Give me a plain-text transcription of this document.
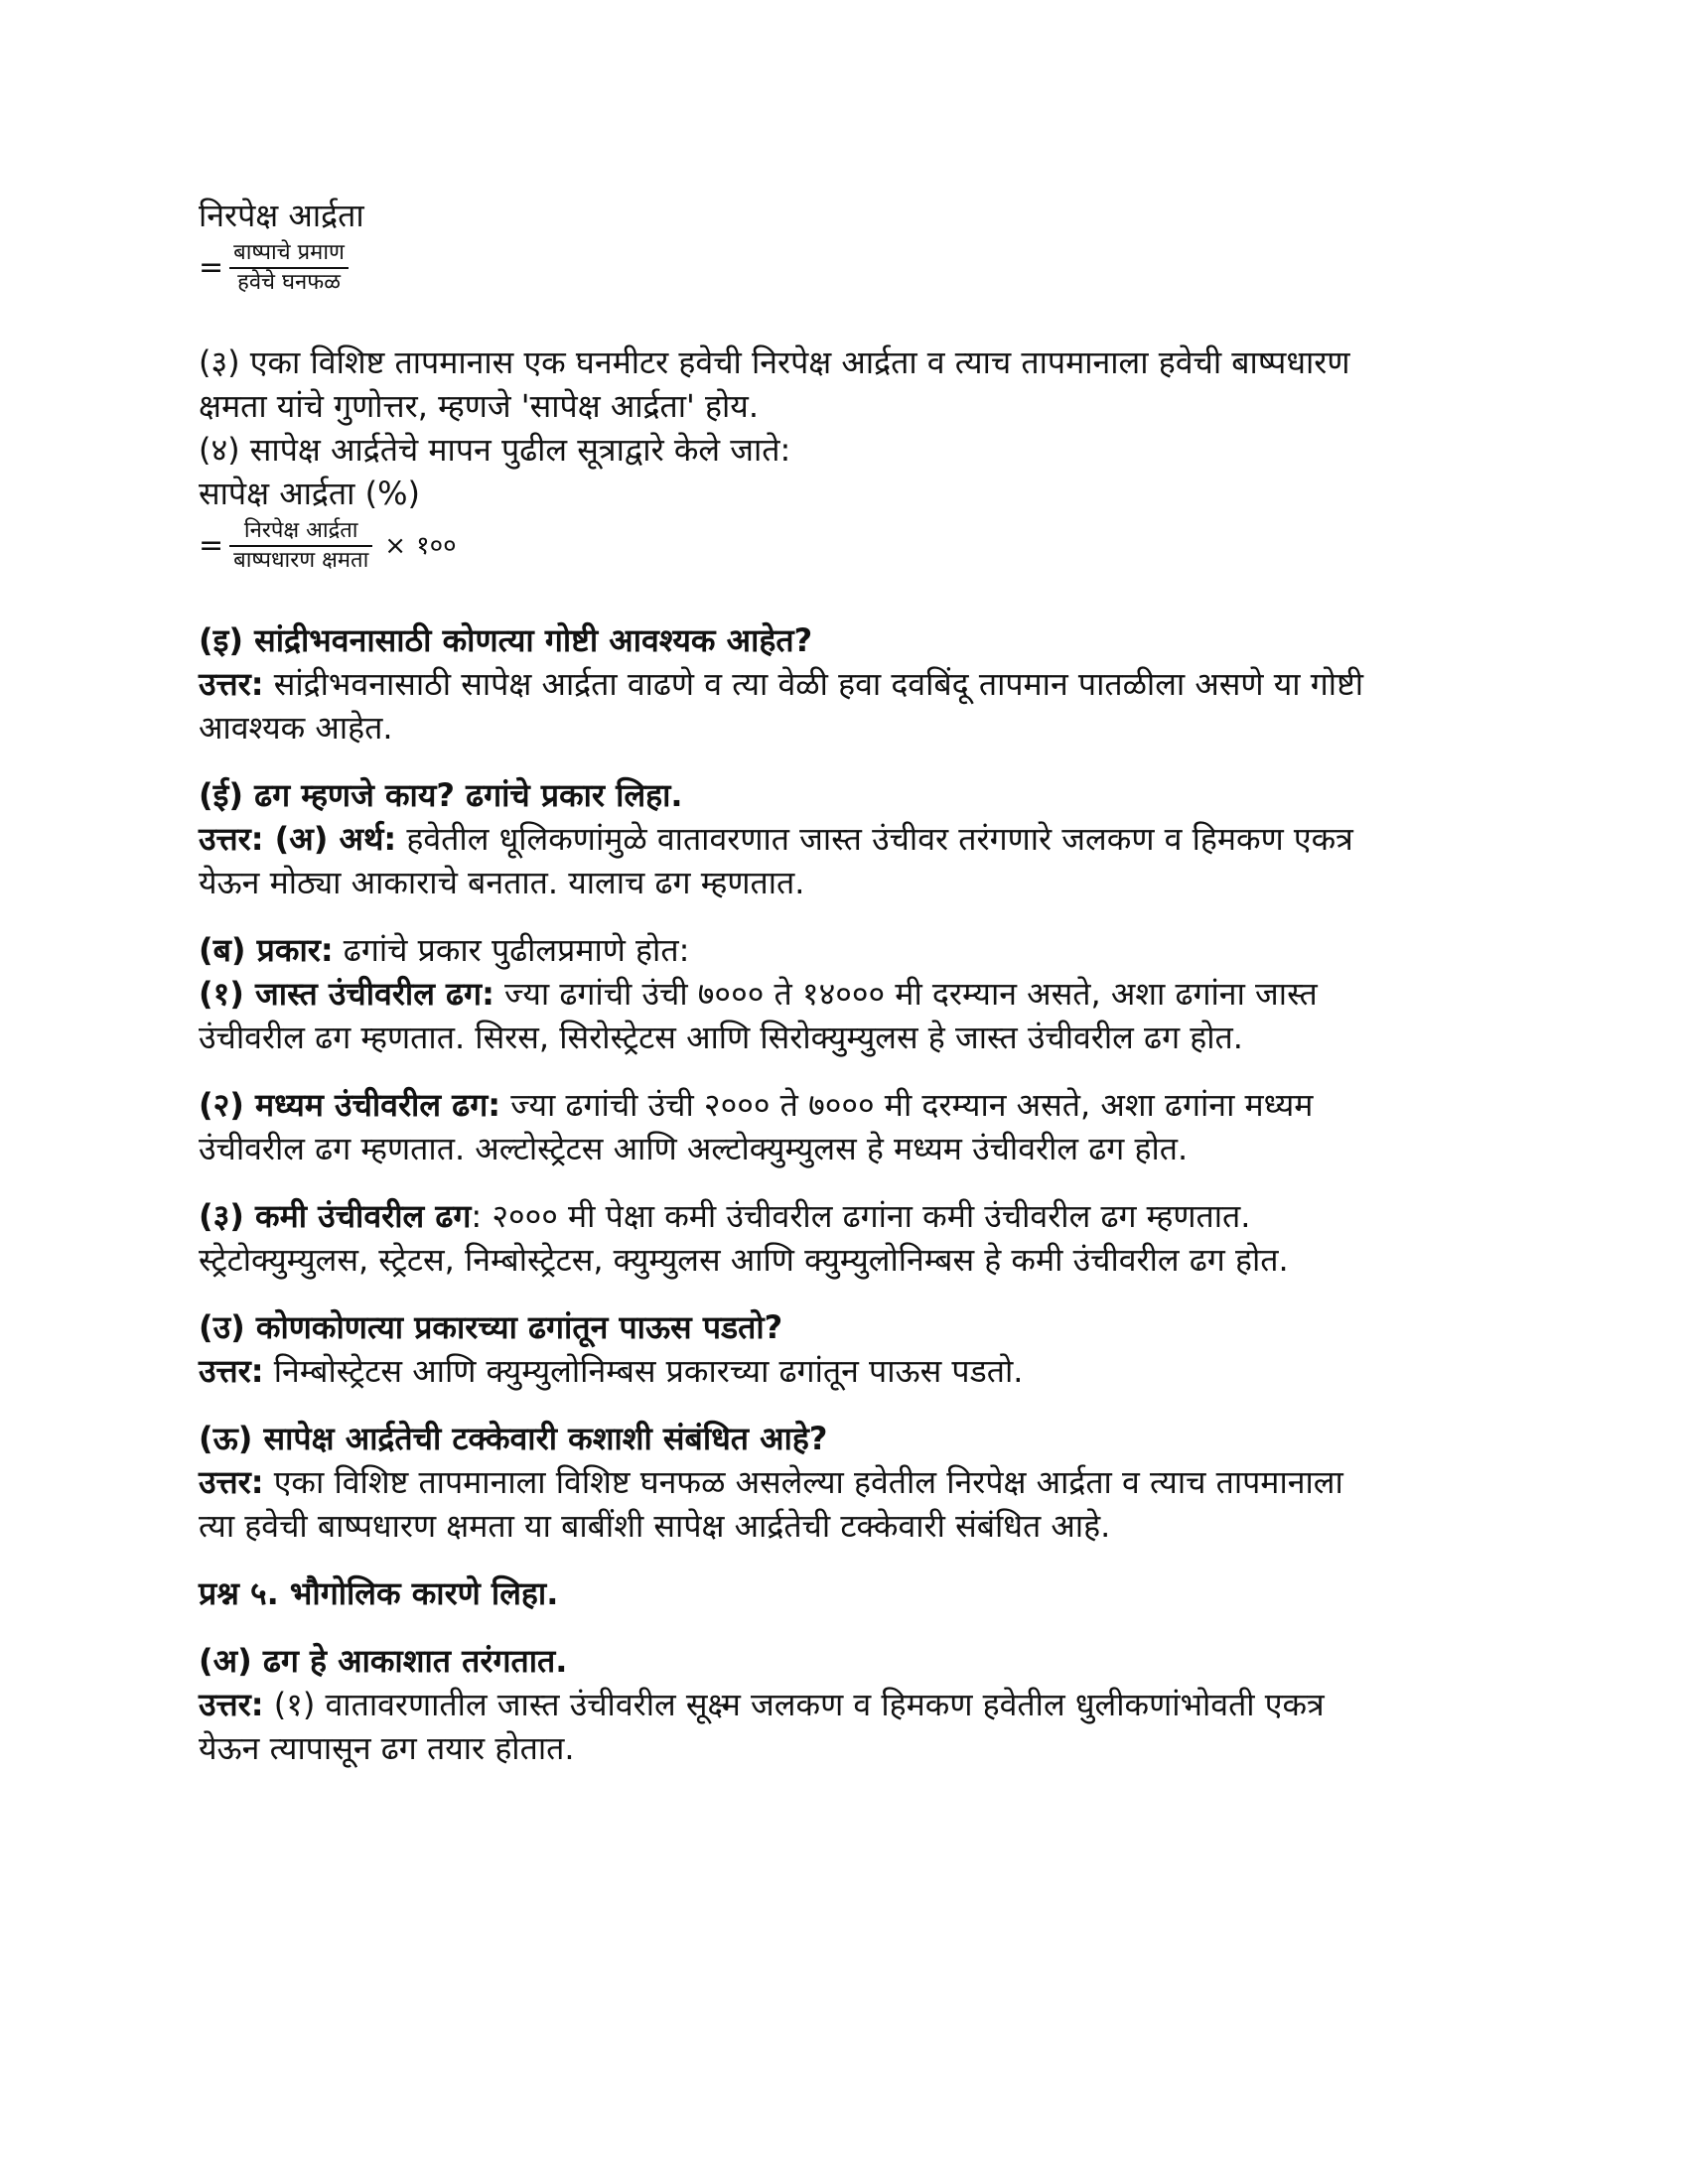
निरपेक्ष आर्द्रता
= $\frac{\text{बाष्पाचे प्रमाण}}{\text{हवेचे घनफळ}}$
(३) एका विशिष्ट तापमानास एक घनमीटर हवेची निरपेक्ष आर्द्रता व त्याच तापमानाला हवेची बाष्पधारण
क्षमता यांचे गुणोत्तर, म्हणजे 'सापेक्ष आर्द्रता' होय.
(४) सापेक्ष आर्द्रतेचे मापन पुढील सूत्राद्वारे केले जाते:
सापेक्ष आर्द्रता (%)
= $\frac{\text{निरपेक्ष आर्द्रता}}{\text{बाष्पधारण क्षमता}}$ × १००
(इ) सांद्रीभवनासाठी कोणत्या गोष्टी आवश्यक आहेत?
उत्तर: सांद्रीभवनासाठी सापेक्ष आर्द्रता वाढणे व त्या वेळी हवा दवबिंदू तापमान पातळीला असणे या गोष्टी
आवश्यक आहेत.
(ई) ढग म्हणजे काय? ढगांचे प्रकार लिहा.
उत्तर: (अ) अर्थ: हवेतील धूलिकणांमुळे वातावरणात जास्त उंचीवर तरंगणारे जलकण व हिमकण एकत्र
येऊन मोठ्या आकाराचे बनतात. यालाच ढग म्हणतात.
(ब) प्रकार: ढगांचे प्रकार पुढीलप्रमाणे होत:
(१) जास्त उंचीवरील ढग: ज्या ढगांची उंची ७००० ते १४००० मी दरम्यान असते, अशा ढगांना जास्त
उंचीवरील ढग म्हणतात. सिरस, सिरोस्ट्रेटस आणि सिरोक्युम्युलस हे जास्त उंचीवरील ढग होत.
(२) मध्यम उंचीवरील ढग: ज्या ढगांची उंची २००० ते ७००० मी दरम्यान असते, अशा ढगांना मध्यम
उंचीवरील ढग म्हणतात. अल्टोस्ट्रेटस आणि अल्टोक्युम्युलस हे मध्यम उंचीवरील ढग होत.
(३) कमी उंचीवरील ढग: २००० मी पेक्षा कमी उंचीवरील ढगांना कमी उंचीवरील ढग म्हणतात.
स्ट्रेटोक्युम्युलस, स्ट्रेटस, निम्बोस्ट्रेटस, क्युम्युलस आणि क्युम्युलोनिम्बस हे कमी उंचीवरील ढग होत.
(उ) कोणकोणत्या प्रकारच्या ढगांतून पाऊस पडतो?
उत्तर: निम्बोस्ट्रेटस आणि क्युम्युलोनिम्बस प्रकारच्या ढगांतून पाऊस पडतो.
(ऊ) सापेक्ष आर्द्रतेची टक्केवारी कशाशी संबंधित आहे?
उत्तर: एका विशिष्ट तापमानाला विशिष्ट घनफळ असलेल्या हवेतील निरपेक्ष आर्द्रता व त्याच तापमानाला
त्या हवेची बाष्पधारण क्षमता या बाबींशी सापेक्ष आर्द्रतेची टक्केवारी संबंधित आहे.
प्रश्न ५. भौगोलिक कारणे लिहा.
(अ) ढग हे आकाशात तरंगतात.
उत्तर: (१) वातावरणातील जास्त उंचीवरील सूक्ष्म जलकण व हिमकण हवेतील धुलीकणांभोवती एकत्र
येऊन त्यापासून ढग तयार होतात.
